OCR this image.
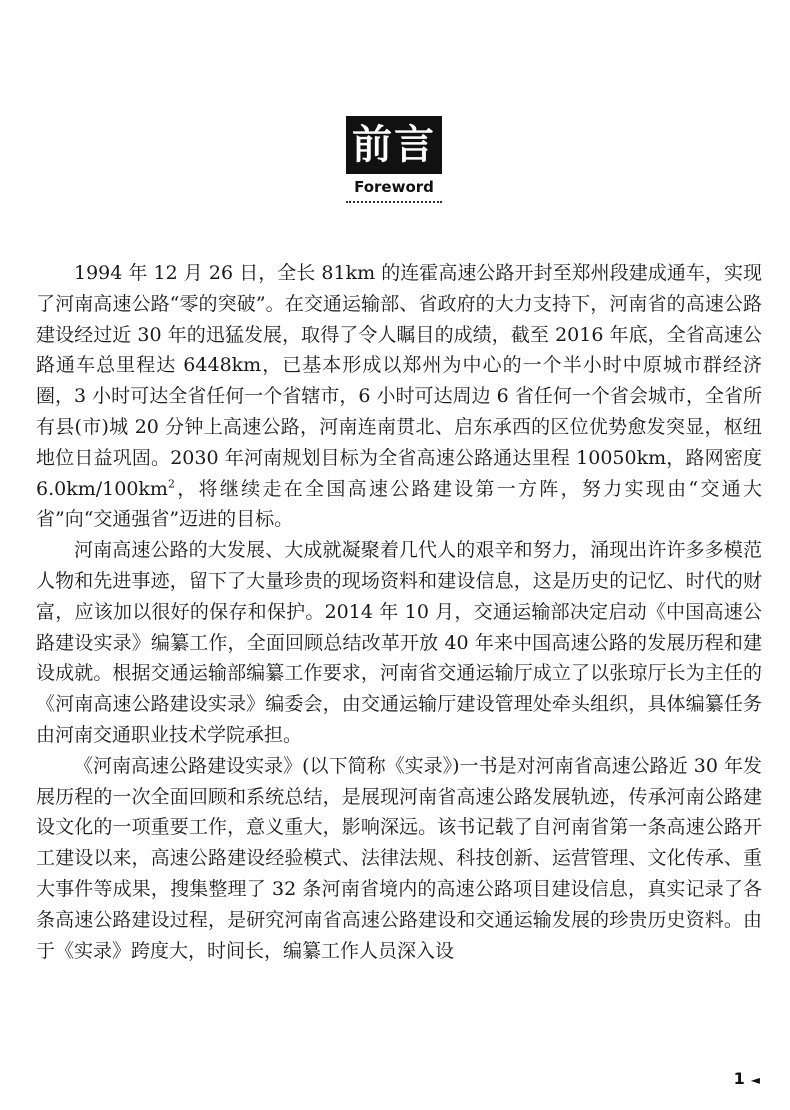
前言
Foreword

1994 年 12 月 26 日，全长 81km 的连霍高速公路开封至郑州段建成通车，实现了河南高速公路“零的突破”。在交通运输部、省政府的大力支持下，河南省的高速公路建设经过近 30 年的迅猛发展，取得了令人瞩目的成绩，截至 2016 年底，全省高速公路通车总里程达 6448km，已基本形成以郑州为中心的一个半小时中原城市群经济圈，3 小时可达全省任何一个省辖市，6 小时可达周边 6 省任何一个省会城市，全省所有县(市)城 20 分钟上高速公路，河南连南贯北、启东承西的区位优势愈发突显，枢纽地位日益巩固。2030 年河南规划目标为全省高速公路通达里程 10050km，路网密度 $6.0km/100km^2$，将继续走在全国高速公路建设第一方阵，努力实现由“交通大省”向“交通强省”迈进的目标。

河南高速公路的大发展、大成就凝聚着几代人的艰辛和努力，涌现出许许多多模范人物和先进事迹，留下了大量珍贵的现场资料和建设信息，这是历史的记忆、时代的财富，应该加以很好的保存和保护。2014 年 10 月，交通运输部决定启动《中国高速公路建设实录》编纂工作，全面回顾总结改革开放 40 年来中国高速公路的发展历程和建设成就。根据交通运输部编纂工作要求，河南省交通运输厅成立了以张琼厅长为主任的《河南高速公路建设实录》编委会，由交通运输厅建设管理处牵头组织，具体编纂任务由河南交通职业技术学院承担。

《河南高速公路建设实录》(以下简称《实录》)一书是对河南省高速公路近 30 年发展历程的一次全面回顾和系统总结，是展现河南省高速公路发展轨迹，传承河南公路建设文化的一项重要工作，意义重大，影响深远。该书记载了自河南省第一条高速公路开工建设以来，高速公路建设经验模式、法律法规、科技创新、运营管理、文化传承、重大事件等成果，搜集整理了 32 条河南省境内的高速公路项目建设信息，真实记录了各条高速公路建设过程，是研究河南省高速公路建设和交通运输发展的珍贵历史资料。由于《实录》跨度大，时间长，编纂工作人员深入设

1 ◄
